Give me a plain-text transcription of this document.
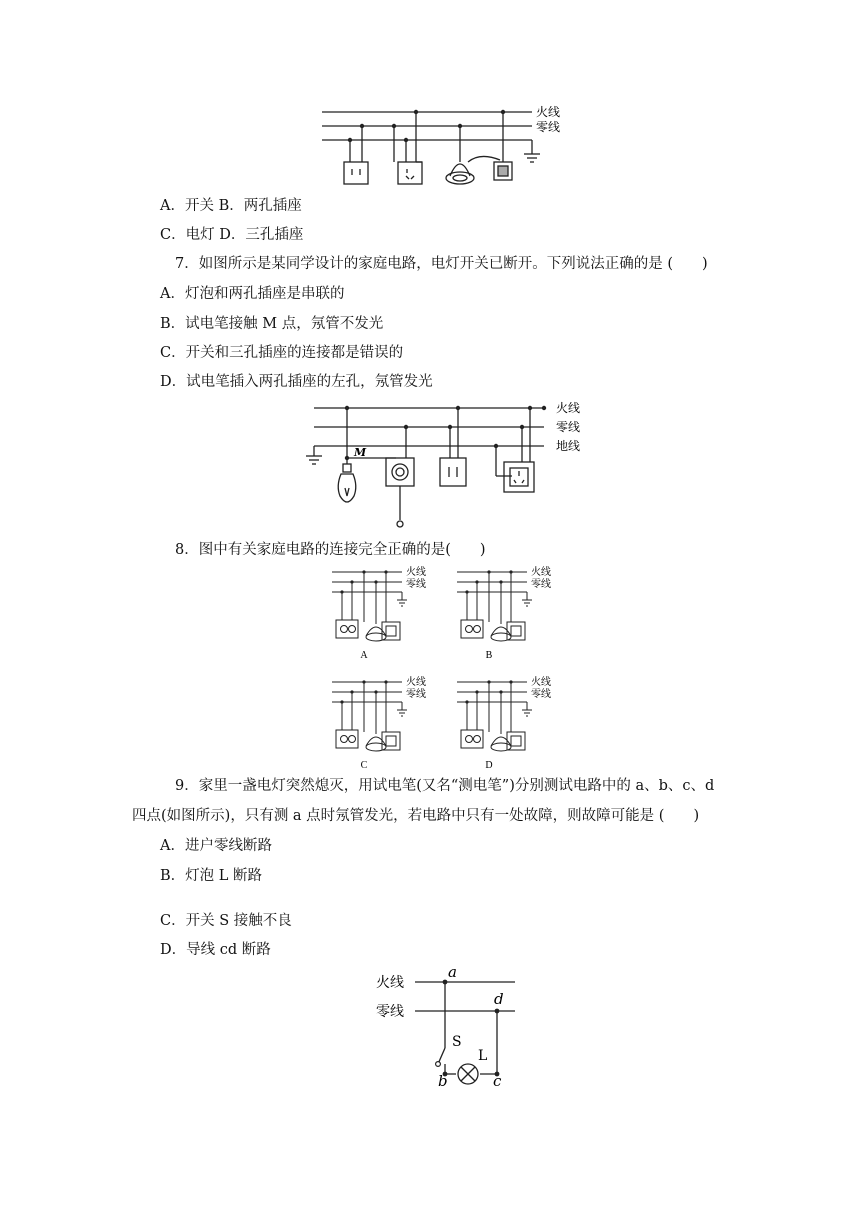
火线
零线
A．开关 B．两孔插座
C．电灯 D．三孔插座
7．如图所示是某同学设计的家庭电路，电灯开关已断开。下列说法正确的是 (　　)
A．灯泡和两孔插座是串联的
B．试电笔接触 M 点，氖管不发光
C．开关和三孔插座的连接都是错误的
D．试电笔插入两孔插座的左孔，氖管发光
M
火线
零线
地线
8．图中有关家庭电路的连接完全正确的是(　　)
火线
零线
A
火线
零线
B
火线
零线
C
火线
零线
D
9．家里一盏电灯突然熄灭，用试电笔(又名“测电笔”)分别测试电路中的 a、b、c、d
四点(如图所示)，只有测 a 点时氖管发光，若电路中只有一处故障，则故障可能是 (　　)
A．进户零线断路
B．灯泡 L 断路
C．开关 S 接触不良
D．导线 cd 断路
火线
零线
a
d
S
L
b	c
